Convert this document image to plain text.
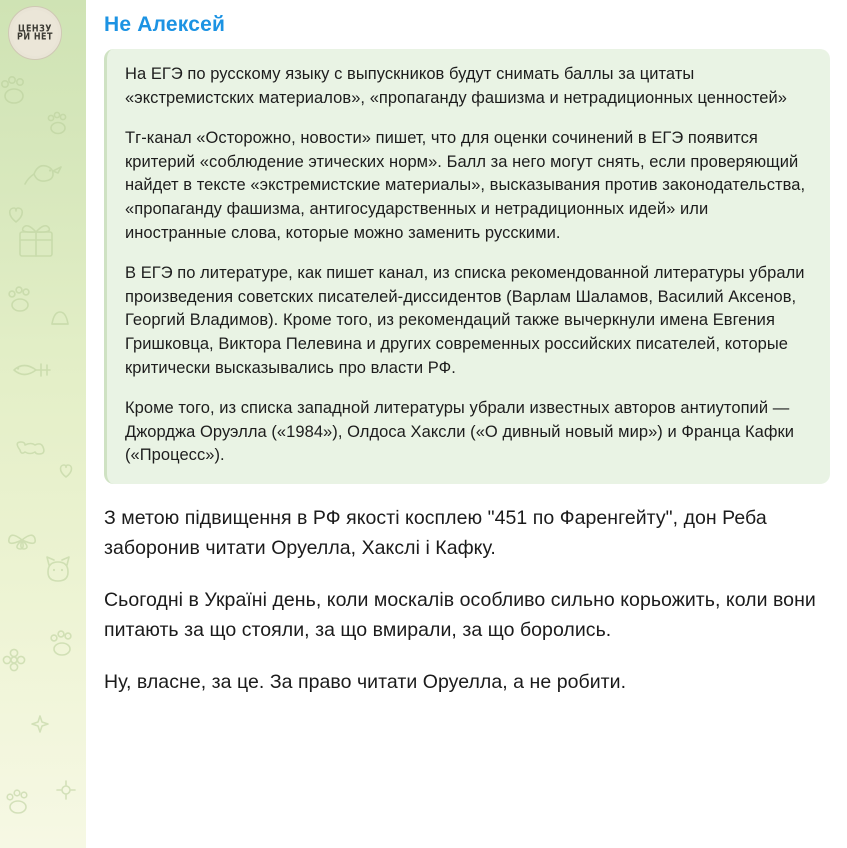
ЦЕНЗУ
РИ НЕТ
Не Алексей

На ЕГЭ по русскому языку с выпускников будут снимать баллы за цитаты «экстремистских материалов», «пропаганду фашизма и нетрадиционных ценностей»

Тг-канал «Осторожно, новости» пишет, что для оценки сочинений в ЕГЭ появится критерий «соблюдение этических норм». Балл за него могут снять, если проверяющий найдет в тексте «экстремистские материалы», высказывания против законодательства, «пропаганду фашизма, антигосударственных и нетрадиционных идей» или иностранные слова, которые можно заменить русскими.

В ЕГЭ по литературе, как пишет канал, из списка рекомендованной литературы убрали произведения советских писателей-диссидентов (Варлам Шаламов, Василий Аксенов, Георгий Владимов). Кроме того, из рекомендаций также вычеркнули имена Евгения Гришковца, Виктора Пелевина и других современных российских писателей, которые критически высказывались про власти РФ.

Кроме того, из списка западной литературы убрали известных авторов антиутопий — Джорджа Оруэлла («1984»), Олдоса Хаксли («О дивный новый мир») и Франца Кафки («Процесс»).

З метою підвищення в РФ якості косплею "451 по Фаренгейту", дон Реба заборонив читати Оруелла, Хакслі і Кафку.

Сьогодні в Україні день, коли москалів особливо сильно корьожить, коли вони питають за що стояли, за що вмирали, за що боролись.

Ну, власне, за це. За право читати Оруелла, а не робити.
